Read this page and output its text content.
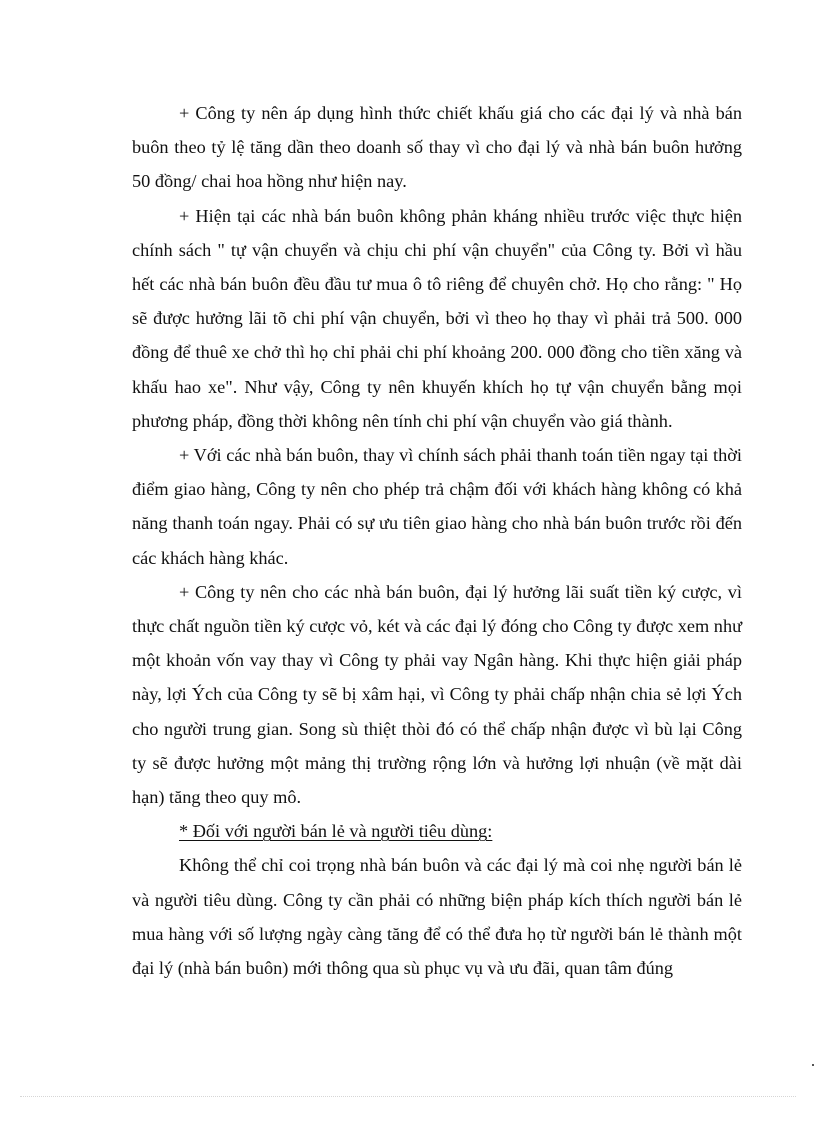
+ Công ty nên áp dụng hình thức chiết khấu giá cho các đại lý và nhà bán buôn theo tỷ lệ tăng dần theo doanh số thay vì cho đại lý và nhà bán buôn hưởng 50 đồng/ chai hoa hồng như hiện nay.

+ Hiện tại các nhà bán buôn không phản kháng nhiều trước việc thực hiện chính sách " tự vận chuyển và chịu chi phí vận chuyển" của Công ty. Bởi vì hầu hết các nhà bán buôn đều đầu tư mua ô tô riêng để chuyên chở. Họ cho rằng: " Họ sẽ được hưởng lãi tõ chi phí vận chuyển, bởi vì theo họ thay vì phải trả 500. 000 đồng để thuê xe chở thì họ chỉ phải chi phí khoảng 200. 000 đồng cho tiền xăng và khấu hao xe". Như vậy, Công ty nên khuyến khích họ tự vận chuyển bằng mọi phương pháp, đồng thời không nên tính chi phí vận chuyển vào giá thành.

+ Với các nhà bán buôn, thay vì chính sách phải thanh toán tiền ngay tại thời điểm giao hàng, Công ty nên cho phép trả chậm đối với khách hàng không có khả năng thanh toán ngay. Phải có sự ưu tiên giao hàng cho nhà bán buôn trước rồi đến các khách hàng khác.

+ Công ty nên cho các nhà bán buôn, đại lý hưởng lãi suất tiền ký cược, vì thực chất nguồn tiền ký cược vỏ, két và các đại lý đóng cho Công ty được xem như một khoản vốn vay thay vì Công ty phải vay Ngân hàng. Khi thực hiện giải pháp này, lợi Ých của Công ty sẽ bị xâm hại, vì Công ty phải chấp nhận chia sẻ lợi Ých cho người trung gian. Song sù thiệt thòi đó có thể chấp nhận được vì bù lại Công ty sẽ được hưởng một mảng thị trường rộng lớn và hưởng lợi nhuận (về mặt dài hạn) tăng theo quy mô.

* Đối với người bán lẻ và người tiêu dùng:

Không thể chỉ coi trọng nhà bán buôn và các đại lý mà coi nhẹ người bán lẻ và người tiêu dùng. Công ty cần phải có những biện pháp kích thích người bán lẻ mua hàng với số lượng ngày càng tăng để có thể đưa họ từ người bán lẻ thành một đại lý (nhà bán buôn) mới thông qua sù phục vụ và ưu đãi, quan tâm đúng
